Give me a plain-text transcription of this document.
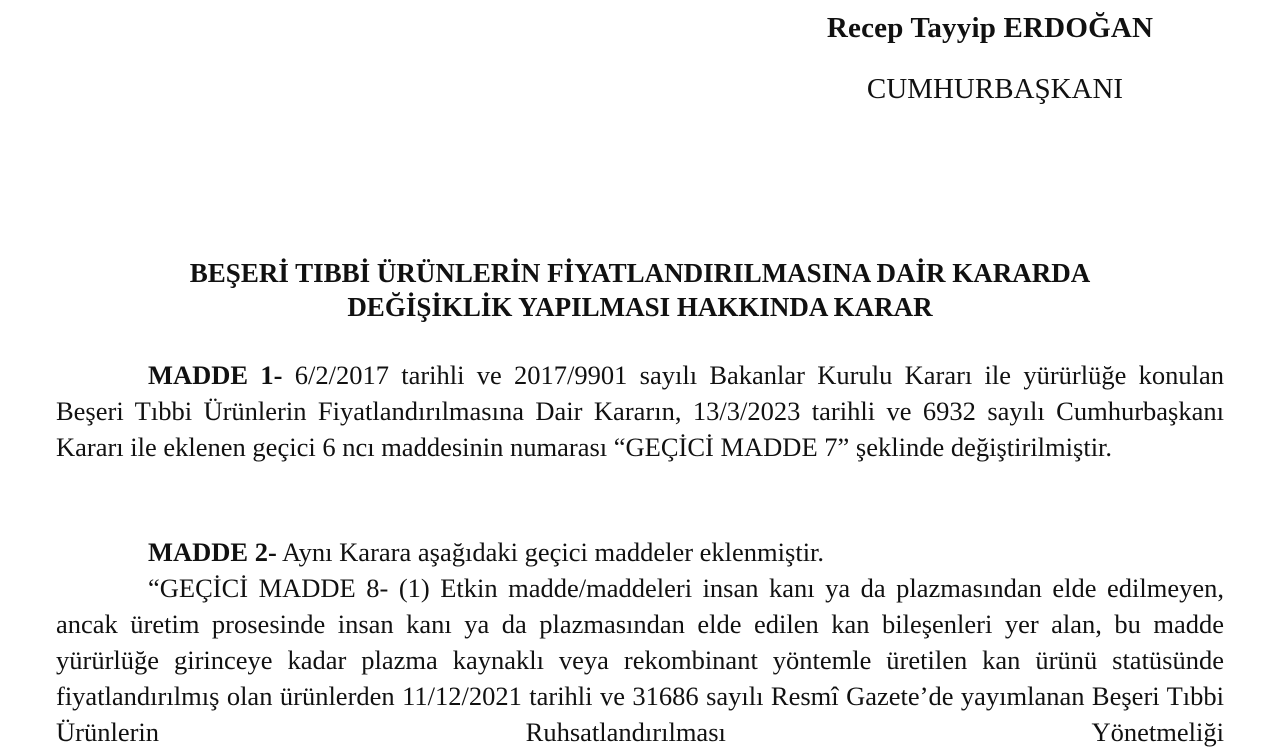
Recep Tayyip ERDOĞAN
CUMHURBAŞKANI
BEŞERİ TIBBİ ÜRÜNLERİN FİYATLANDIRILMASINA DAİR KARARDA
DEĞİŞİKLİK YAPILMASI HAKKINDA KARAR

MADDE 1- 6/2/2017 tarihli ve 2017/9901 sayılı Bakanlar Kurulu Kararı ile yürürlüğe konulan Beşeri Tıbbi Ürünlerin Fiyatlandırılmasına Dair Kararın, 13/3/2023 tarihli ve 6932 sayılı Cumhurbaşkanı Kararı ile eklenen geçici 6 ncı maddesinin numarası “GEÇİCİ MADDE 7” şeklinde değiştirilmiştir.

MADDE 2- Aynı Karara aşağıdaki geçici maddeler eklenmiştir.

“GEÇİCİ MADDE 8- (1) Etkin madde/maddeleri insan kanı ya da plazmasından elde edilmeyen, ancak üretim prosesinde insan kanı ya da plazmasından elde edilen kan bileşenleri yer alan, bu madde yürürlüğe girinceye kadar plazma kaynaklı veya rekombinant yöntemle üretilen kan ürünü statüsünde fiyatlandırılmış olan ürünlerden 11/12/2021 tarihli ve 31686 sayılı Resmî Gazete’de yayımlanan Beşeri Tıbbi Ürünlerin Ruhsatlandırılması Yönetmeliği
